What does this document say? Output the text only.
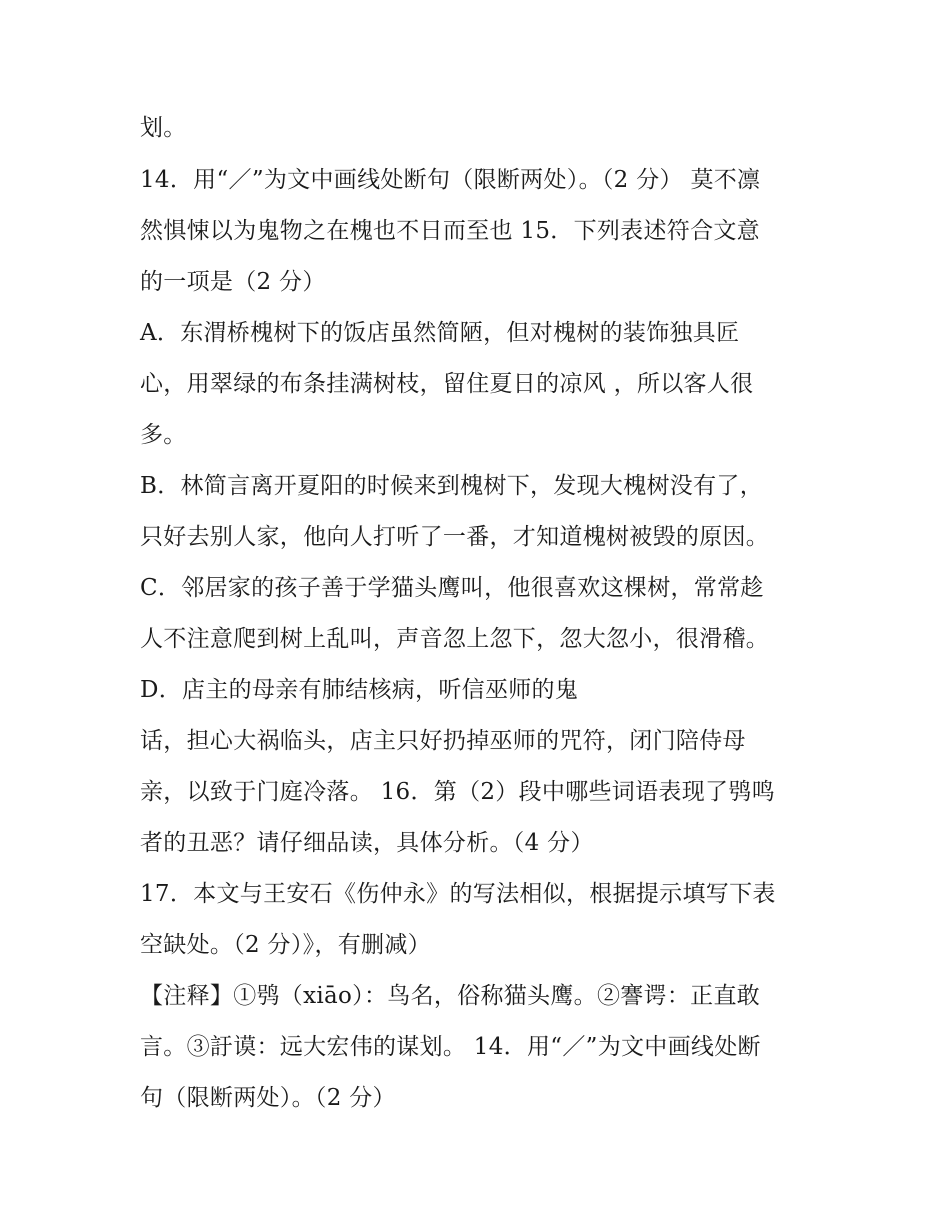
划。
14．用“／”为文中画线处断句（限断两处）。（2 分） 莫不凛
然惧悚以为鬼物之在槐也不日而至也 15．下列表述符合文意
的一项是（2 分）
A．东渭桥槐树下的饭店虽然简陋，但对槐树的装饰独具匠
心，用翠绿的布条挂满树枝，留住夏日的凉风 ，所以客人很
多。
B．林简言离开夏阳的时候来到槐树下，发现大槐树没有了，
只好去别人家，他向人打听了一番，才知道槐树被毁的原因。
C．邻居家的孩子善于学猫头鹰叫，他很喜欢这棵树，常常趁
人不注意爬到树上乱叫，声音忽上忽下，忽大忽小，很滑稽。
D．店主的母亲有肺结核病，听信巫师的鬼
话，担心大祸临头，店主只好扔掉巫师的咒符，闭门陪侍母
亲，以致于门庭冷落。 16．第（2）段中哪些词语表现了鸮鸣
者的丑恶？请仔细品读，具体分析。（4 分）
17．本文与王安石《伤仲永》的写法相似，根据提示填写下表
空缺处。（2 分）》，有删减）
【注释】①鸮（xiāo）：鸟名，俗称猫头鹰。②謇谔：正直敢
言。③訏谟：远大宏伟的谋划。 14．用“／”为文中画线处断
句（限断两处）。（2 分）
